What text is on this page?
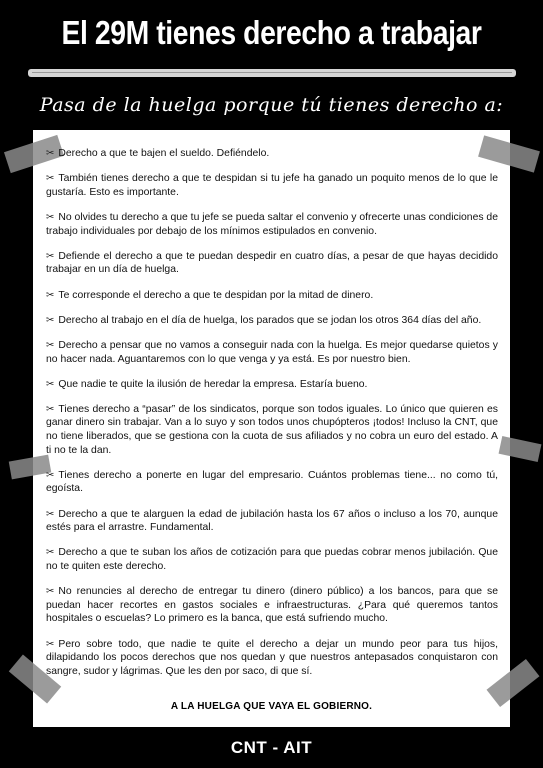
El 29M tienes derecho a trabajar
Pasa de la huelga porque tú tienes derecho a:
✂ Derecho a que te bajen el sueldo. Defiéndelo.
✂ También tienes derecho a que te despidan si tu jefe ha ganado un poquito menos de lo que le gustaría. Esto es importante.
✂ No olvides tu derecho a que tu jefe se pueda saltar el convenio y ofrecerte unas condiciones de trabajo individuales por debajo de los mínimos estipulados en convenio.
✂ Defiende el derecho a que te puedan despedir en cuatro días, a pesar de que hayas decidido trabajar en un día de huelga.
✂ Te corresponde el derecho a que te despidan por la mitad de dinero.
✂ Derecho al trabajo en el día de huelga, los parados que se jodan los otros 364 días del año.
✂ Derecho a pensar que no vamos a conseguir nada con la huelga. Es mejor quedarse quietos y no hacer nada. Aguantaremos con lo que venga y ya está. Es por nuestro bien.
✂ Que nadie te quite la ilusión de heredar la empresa. Estaría bueno.
✂ Tienes derecho a “pasar” de los sindicatos, porque son todos iguales. Lo único que quieren es ganar dinero sin trabajar. Van a lo suyo y son todos unos chupópteros ¡todos! Incluso la CNT, que no tiene liberados, que se gestiona con la cuota de sus afiliados y no cobra un euro del estado. A ti no te la dan.
✂ Tienes derecho a ponerte en lugar del empresario. Cuántos problemas tiene... no como tú, egoísta.
✂ Derecho a que te alarguen la edad de jubilación hasta los 67 años o incluso a los 70, aunque estés para el arrastre. Fundamental.
✂ Derecho a que te suban los años de cotización para que puedas cobrar menos jubilación. Que no te quiten este derecho.
✂ No renuncies al derecho de entregar tu dinero (dinero público) a los bancos, para que se puedan hacer recortes en gastos sociales e infraestructuras. ¿Para qué queremos tantos hospitales o escuelas? Lo primero es la banca, que está sufriendo mucho.
✂ Pero sobre todo, que nadie te quite el derecho a dejar un mundo peor para tus hijos, dilapidando los pocos derechos que nos quedan y que nuestros antepasados conquistaron con sangre, sudor y lágrimas. Que les den por saco, di que sí.
A LA HUELGA QUE VAYA EL GOBIERNO.
CNT - AIT
